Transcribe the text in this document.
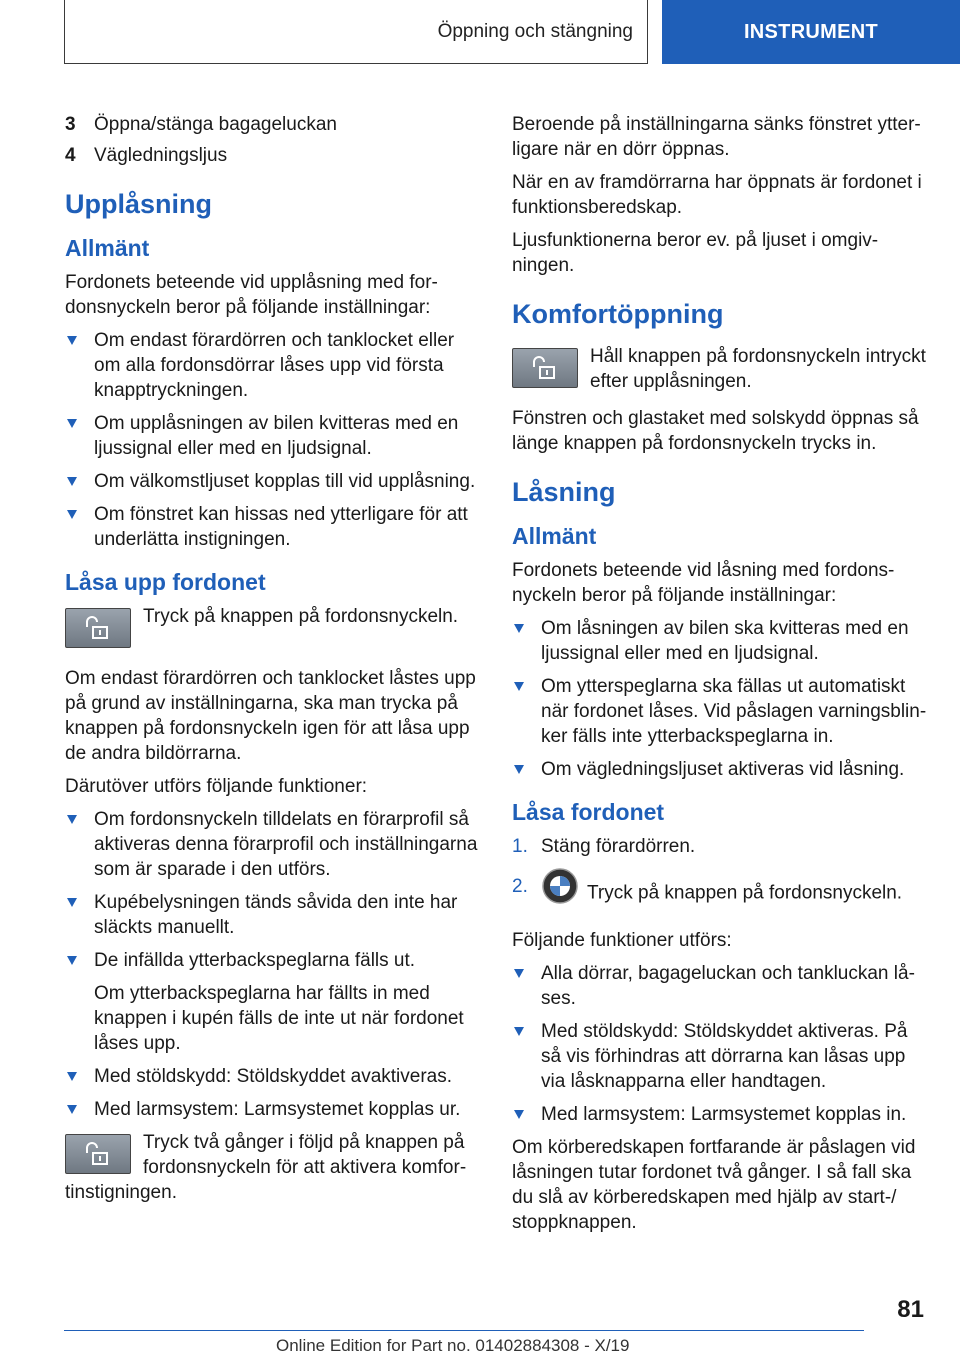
Öppning och stängning	INSTRUMENT
3 Öppna/stänga bagageluckan
4 Vägledningsljus
Upplåsning
Allmänt

Fordonets beteende vid upplåsning med fordonsnyckeln beror på följande inställningar:

Om endast förardörren och tanklocket eller om alla fordonsdörrar låses upp vid första knapptryckningen.
Om upplåsningen av bilen kvitteras med en ljussignal eller med en ljudsignal.
Om välkomstljuset kopplas till vid upplåsning.
Om fönstret kan hissas ned ytterligare för att underlätta instigningen.
Låsa upp fordonet
Tryck på knappen på fordonsnyckeln.

Om endast förardörren och tanklocket låstes upp på grund av inställningarna, ska man trycka på knappen på fordonsnyckeln igen för att låsa upp de andra bildörrarna.

Därutöver utförs följande funktioner:

Om fordonsnyckeln tilldelats en förarprofil så aktiveras denna förarprofil och inställningarna som är sparade i den utförs.
Kupébelysningen tänds såvida den inte har släckts manuellt.
De infällda ytterbackspeglarna fälls ut.

Om ytterbackspeglarna har fällts in med knappen i kupén fälls de inte ut när fordonet låses upp.

Med stöldskydd: Stöldskyddet avaktiveras.
Med larmsystem: Larmsystemet kopplas ur.
Tryck två gånger i följd på knappen på fordonsnyckeln för att aktivera komfortinstigningen.

Beroende på inställningarna sänks fönstret ytterligare när en dörr öppnas.

När en av framdörrarna har öppnats är fordonet i funktionsberedskap.

Ljusfunktionerna beror ev. på ljuset i omgivningen.

Komfortöppning
Håll knappen på fordonsnyckeln intryckt efter upplåsningen.

Fönstren och glastaket med solskydd öppnas så länge knappen på fordonsnyckeln trycks in.

Låsning
Allmänt

Fordonets beteende vid låsning med fordonsnyckeln beror på följande inställningar:

Om låsningen av bilen ska kvitteras med en ljussignal eller med en ljudsignal.
Om ytterspeglarna ska fällas ut automatiskt när fordonet låses. Vid påslagen varningsblinker fälls inte ytterbackspeglarna in.
Om vägledningsljuset aktiveras vid låsning.
Låsa fordonet
1. Stäng förardörren.
2.	Tryck på knappen på fordonsnyckeln.

Följande funktioner utförs:

Alla dörrar, bagageluckan och tankluckan låses.
Med stöldskydd: Stöldskyddet aktiveras. På så vis förhindras att dörrarna kan låsas upp via låsknapparna eller handtagen.
Med larmsystem: Larmsystemet kopplas in.

Om körberedskapen fortfarande är påslagen vid låsningen tutar fordonet två gånger. I så fall ska du slå av körberedskapen med hjälp av start-/ stoppknappen.

81
Online Edition for Part no. 01402884308 - X/19
